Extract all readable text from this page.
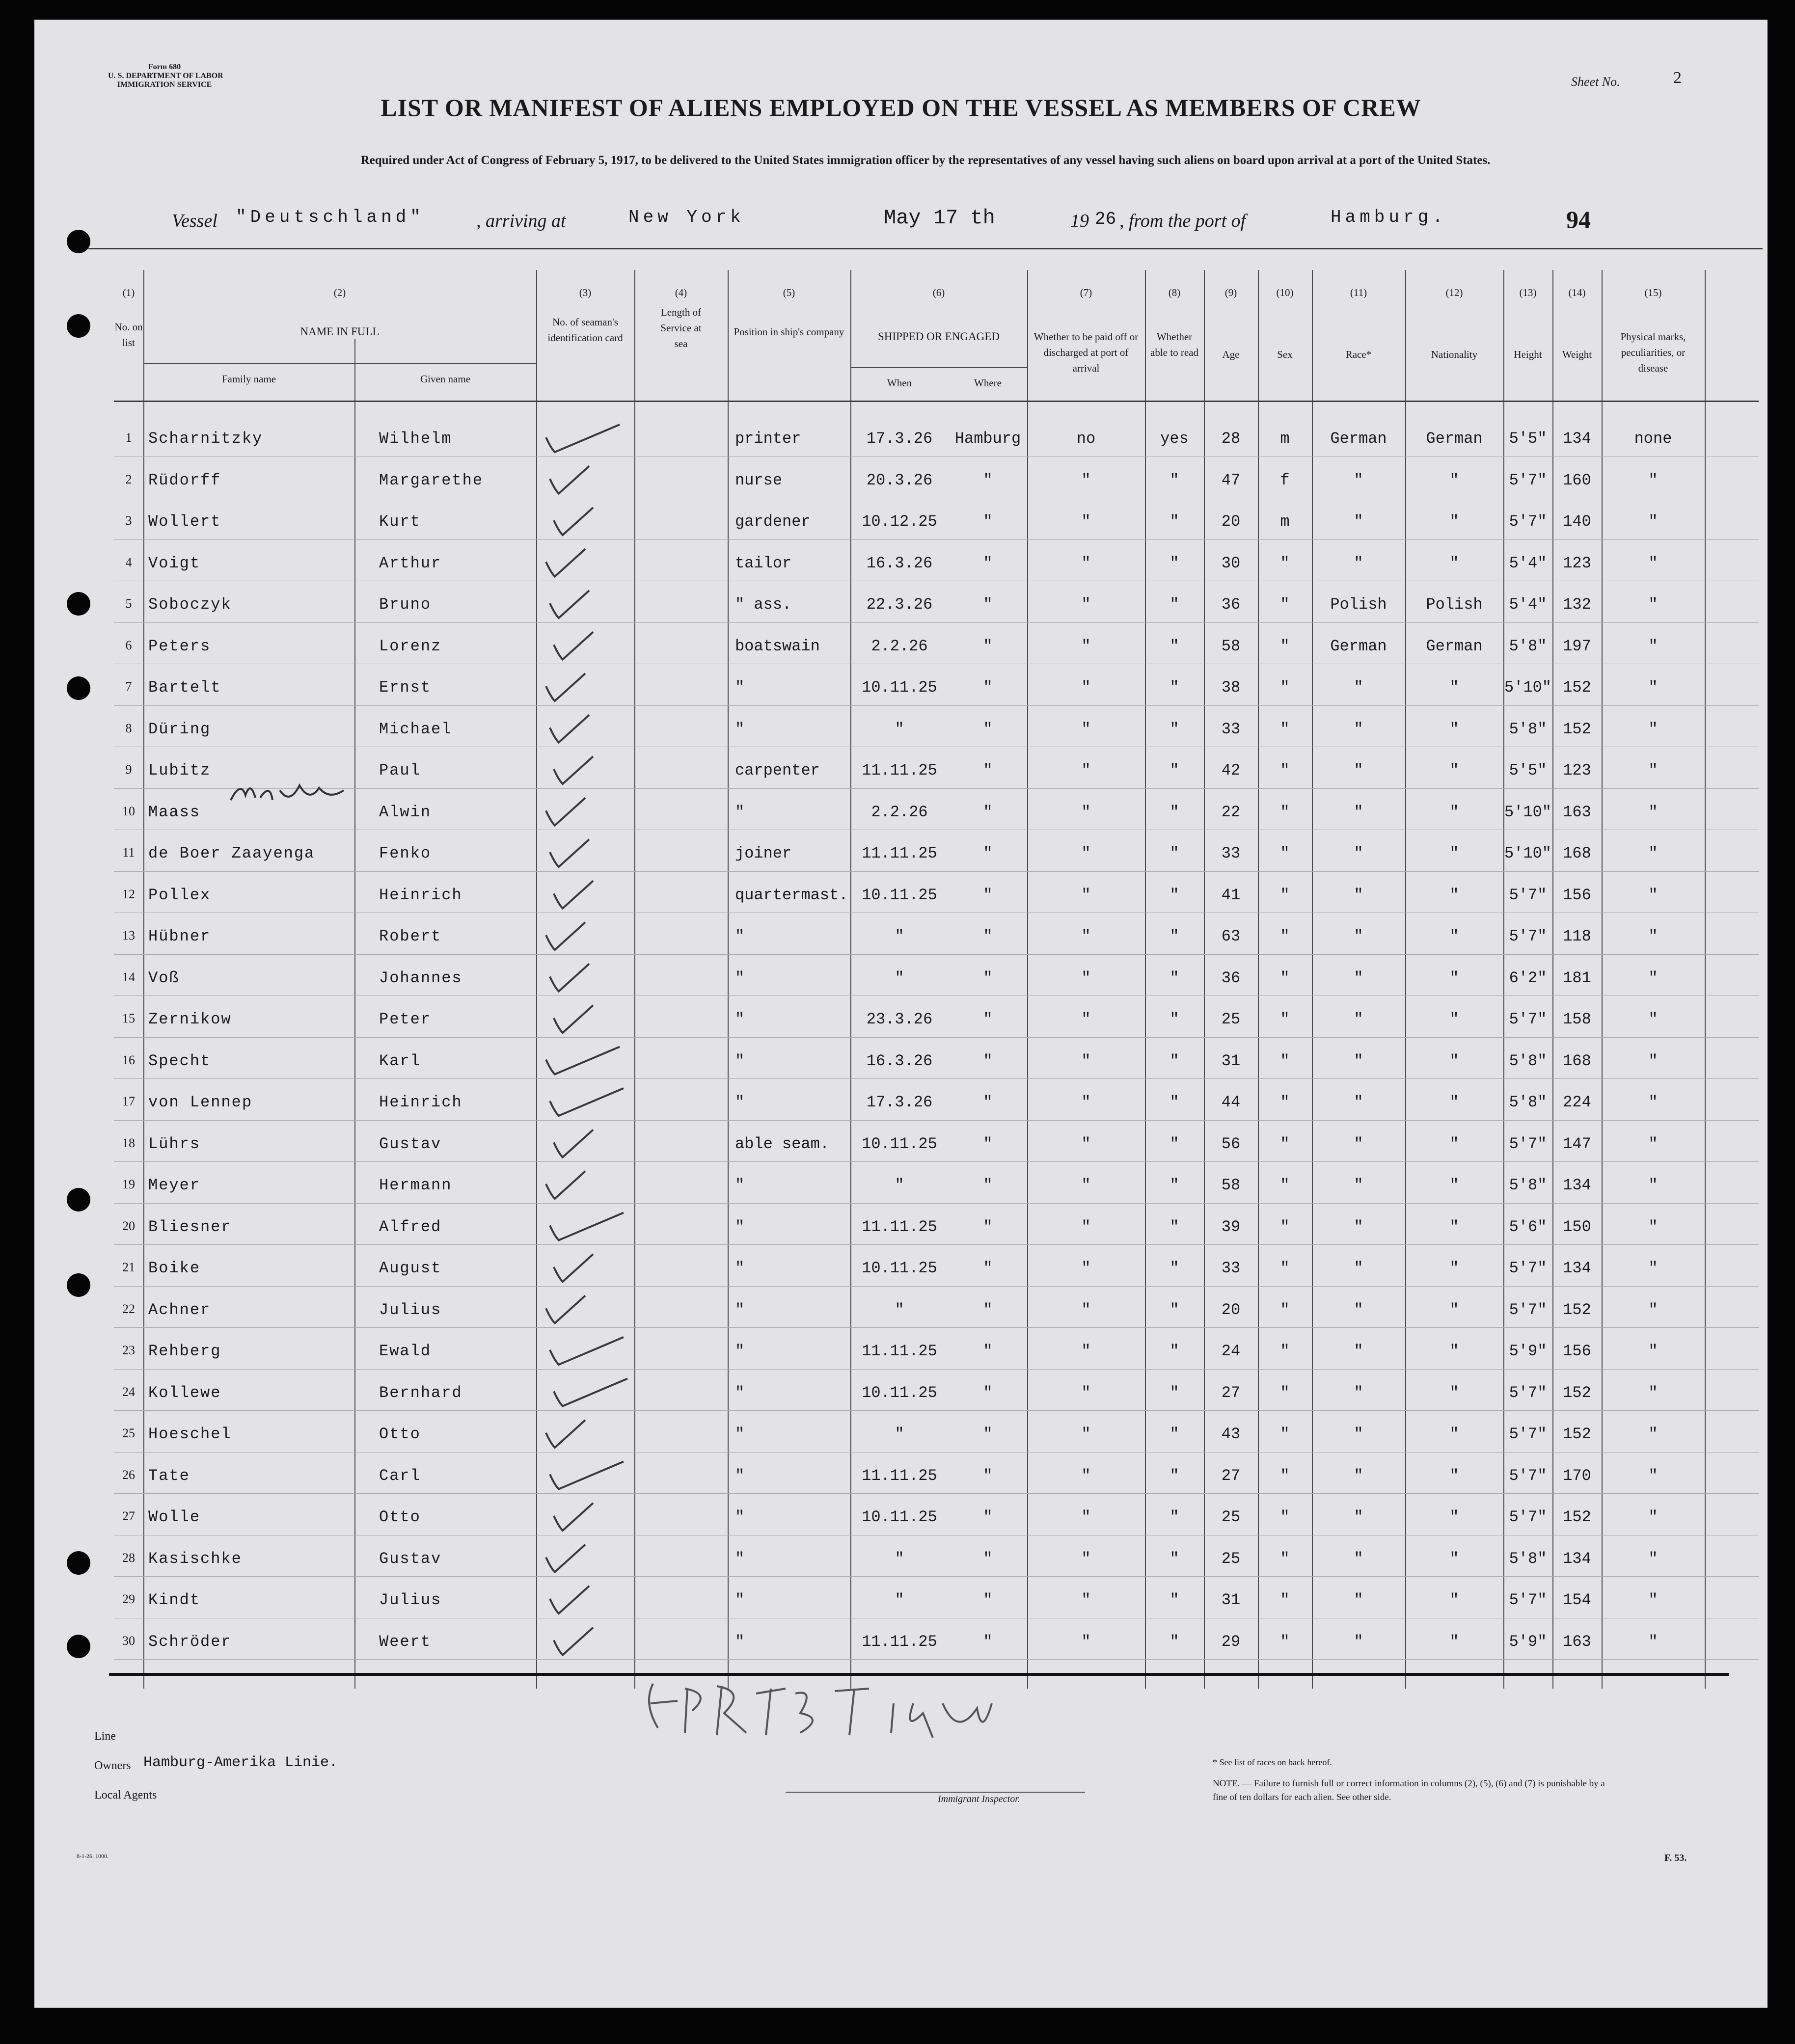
Form 680
U. S. DEPARTMENT OF LABOR
IMMIGRATION SERVICE	Sheet No.	2
LIST OR MANIFEST OF ALIENS EMPLOYED ON THE VESSEL AS MEMBERS OF CREW
Required under Act of Congress of February 5, 1917, to be delivered to the United States immigration officer by the representatives of any vessel having such aliens on board upon arrival at a port of the United States.
Vessel "Deutschland"	, arriving at	New York	May 17 th	19 26 , from the port of	Hamburg.	94
(1)
No. on list
(2)
NAME IN FULL
Family name	Given name
(3)
No. of seaman's identification card
(4)
Length of Service at sea
(5)
Position in ship's company
(6)
SHIPPED OR ENGAGED
When	Where
(7)
Whether to be paid off or discharged at port of arrival
(8)
Whether able to read
(9)
Age
(10)
Sex
(11)
Race*
(12)
Nationality
(13)
Height
(14)
Weight
(15)
Physical marks, peculiarities, or disease
1	Scharnitzky	Wilhelm	printer	17.3.26	Hamburg	no	yes	28	m	German	German	5'5"	134	none
2	Rüdorff	Margarethe	nurse	20.3.26	"	"	"	47	f	"	"	5'7"	160	"
3	Wollert	Kurt	gardener	10.12.25	"	"	"	20	m	"	"	5'7"	140	"
4	Voigt	Arthur	tailor	16.3.26	"	"	"	30	"	"	"	5'4"	123	"
5	Soboczyk	Bruno	" ass.	22.3.26	"	"	"	36	"	Polish	Polish	5'4"	132	"
6	Peters	Lorenz	boatswain	2.2.26	"	"	"	58	"	German	German	5'8"	197	"
7	Bartelt	Ernst	"	10.11.25	"	"	"	38	"	"	"	5'10" 152	"
8	Düring	Michael	"	"	"	"	"	33	"	"	"	5'8"	152	"
9	Lubitz	Paul	carpenter	11.11.25	"	"	"	42	"	"	"	5'5"	123	"
10 Maass	Alwin	"	2.2.26	"	"	"	22	"	"	"	5'10" 163	"
11 de Boer Zaayenga	Fenko	joiner	11.11.25	"	"	"	33	"	"	"	5'10" 168	"
12 Pollex	Heinrich	quartermast. 10.11.25	"	"	"	41	"	"	"	5'7"	156	"
13 Hübner	Robert	"	"	"	"	"	63	"	"	"	5'7"	118	"
14 Voß	Johannes	"	"	"	"	"	36	"	"	"	6'2"	181	"
15 Zernikow	Peter	"	23.3.26	"	"	"	25	"	"	"	5'7"	158	"
16 Specht	Karl	"	16.3.26	"	"	"	31	"	"	"	5'8"	168	"
17 von Lennep	Heinrich	"	17.3.26	"	"	"	44	"	"	"	5'8"	224	"
18 Lührs	Gustav	able seam.	10.11.25	"	"	"	56	"	"	"	5'7"	147	"
19 Meyer	Hermann	"	"	"	"	"	58	"	"	"	5'8"	134	"
20 Bliesner	Alfred	"	11.11.25	"	"	"	39	"	"	"	5'6"	150	"
21 Boike	August	"	10.11.25	"	"	"	33	"	"	"	5'7"	134	"
22 Achner	Julius	"	"	"	"	"	20	"	"	"	5'7"	152	"
23 Rehberg	Ewald	"	11.11.25	"	"	"	24	"	"	"	5'9"	156	"
24 Kollewe	Bernhard	"	10.11.25	"	"	"	27	"	"	"	5'7"	152	"
25 Hoeschel	Otto	"	"	"	"	"	43	"	"	"	5'7"	152	"
26 Tate	Carl	"	11.11.25	"	"	"	27	"	"	"	5'7"	170	"
27 Wolle	Otto	"	10.11.25	"	"	"	25	"	"	"	5'7"	152	"
28 Kasischke	Gustav	"	"	"	"	"	25	"	"	"	5'8"	134	"
29 Kindt	Julius	"	"	"	"	"	31	"	"	"	5'7"	154	"
30 Schröder	Weert	"	11.11.25	"	"	"	29	"	"	"	5'9"	163	"
Line
Owners Hamburg-Amerika Linie.
Local Agents	Immigrant Inspector.
* See list of races on back hereof.
NOTE. — Failure to furnish full or correct information in columns (2), (5), (6) and (7) is punishable by a fine of ten dollars for each alien. See other side.
8-1-26. 1000.	F. 53.
